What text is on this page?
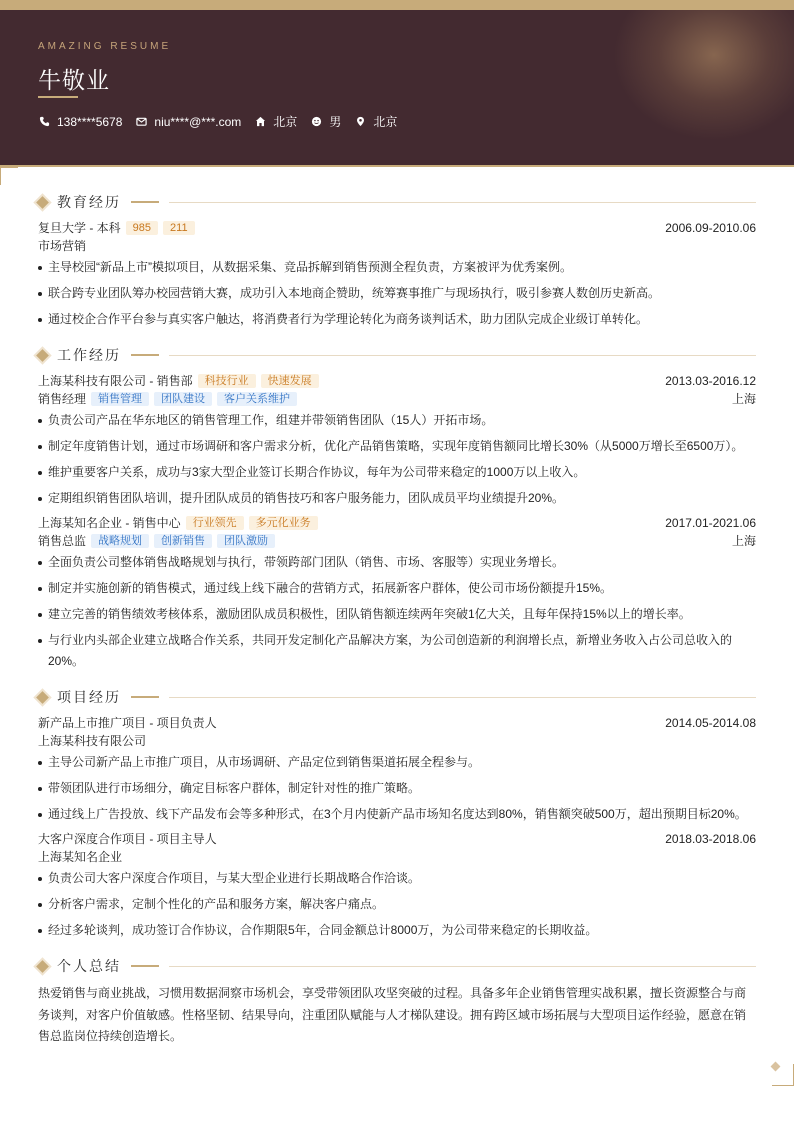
AMAZING RESUME
牛敬业
138****5678	niu****@***.com	北京	男	北京
教育经历
复旦大学 - 本科	985	211	2006.09-2010.06
市场营销
主导校园“新品上市”模拟项目，从数据采集、竞品拆解到销售预测全程负责，方案被评为优秀案例。
联合跨专业团队筹办校园营销大赛，成功引入本地商企赞助，统筹赛事推广与现场执行，吸引参赛人数创历史新高。
通过校企合作平台参与真实客户触达，将消费者行为学理论转化为商务谈判话术，助力团队完成企业级订单转化。
工作经历
上海某科技有限公司 - 销售部	科技行业	快速发展	2013.03-2016.12
销售经理	销售管理	团队建设	客户关系维护	上海
负责公司产品在华东地区的销售管理工作，组建并带领销售团队（15人）开拓市场。
制定年度销售计划，通过市场调研和客户需求分析，优化产品销售策略，实现年度销售额同比增长30%（从5000万增长至6500万）。
维护重要客户关系，成功与3家大型企业签订长期合作协议，每年为公司带来稳定的1000万以上收入。
定期组织销售团队培训，提升团队成员的销售技巧和客户服务能力，团队成员平均业绩提升20%。
上海某知名企业 - 销售中心	行业领先	多元化业务	2017.01-2021.06
销售总监	战略规划	创新销售	团队激励	上海
全面负责公司整体销售战略规划与执行，带领跨部门团队（销售、市场、客服等）实现业务增长。
制定并实施创新的销售模式，通过线上线下融合的营销方式，拓展新客户群体，使公司市场份额提升15%。
建立完善的销售绩效考核体系，激励团队成员积极性，团队销售额连续两年突破1亿大关，且每年保持15%以上的增长率。
与行业内头部企业建立战略合作关系，共同开发定制化产品解决方案，为公司创造新的利润增长点，新增业务收入占公司总收入的20%。
项目经历
新产品上市推广项目 - 项目负责人	2014.05-2014.08
上海某科技有限公司
主导公司新产品上市推广项目，从市场调研、产品定位到销售渠道拓展全程参与。
带领团队进行市场细分，确定目标客户群体，制定针对性的推广策略。
通过线上广告投放、线下产品发布会等多种形式，在3个月内使新产品市场知名度达到80%，销售额突破500万，超出预期目标20%。
大客户深度合作项目 - 项目主导人	2018.03-2018.06
上海某知名企业
负责公司大客户深度合作项目，与某大型企业进行长期战略合作洽谈。
分析客户需求，定制个性化的产品和服务方案，解决客户痛点。
经过多轮谈判，成功签订合作协议，合作期限5年，合同金额总计8000万，为公司带来稳定的长期收益。
个人总结
热爱销售与商业挑战，习惯用数据洞察市场机会，享受带领团队攻坚突破的过程。具备多年企业销售管理实战积累，擅长资源整合与商务谈判，对客户价值敏感。性格坚韧、结果导向，注重团队赋能与人才梯队建设。拥有跨区域市场拓展与大型项目运作经验，愿意在销售总监岗位持续创造增长。
